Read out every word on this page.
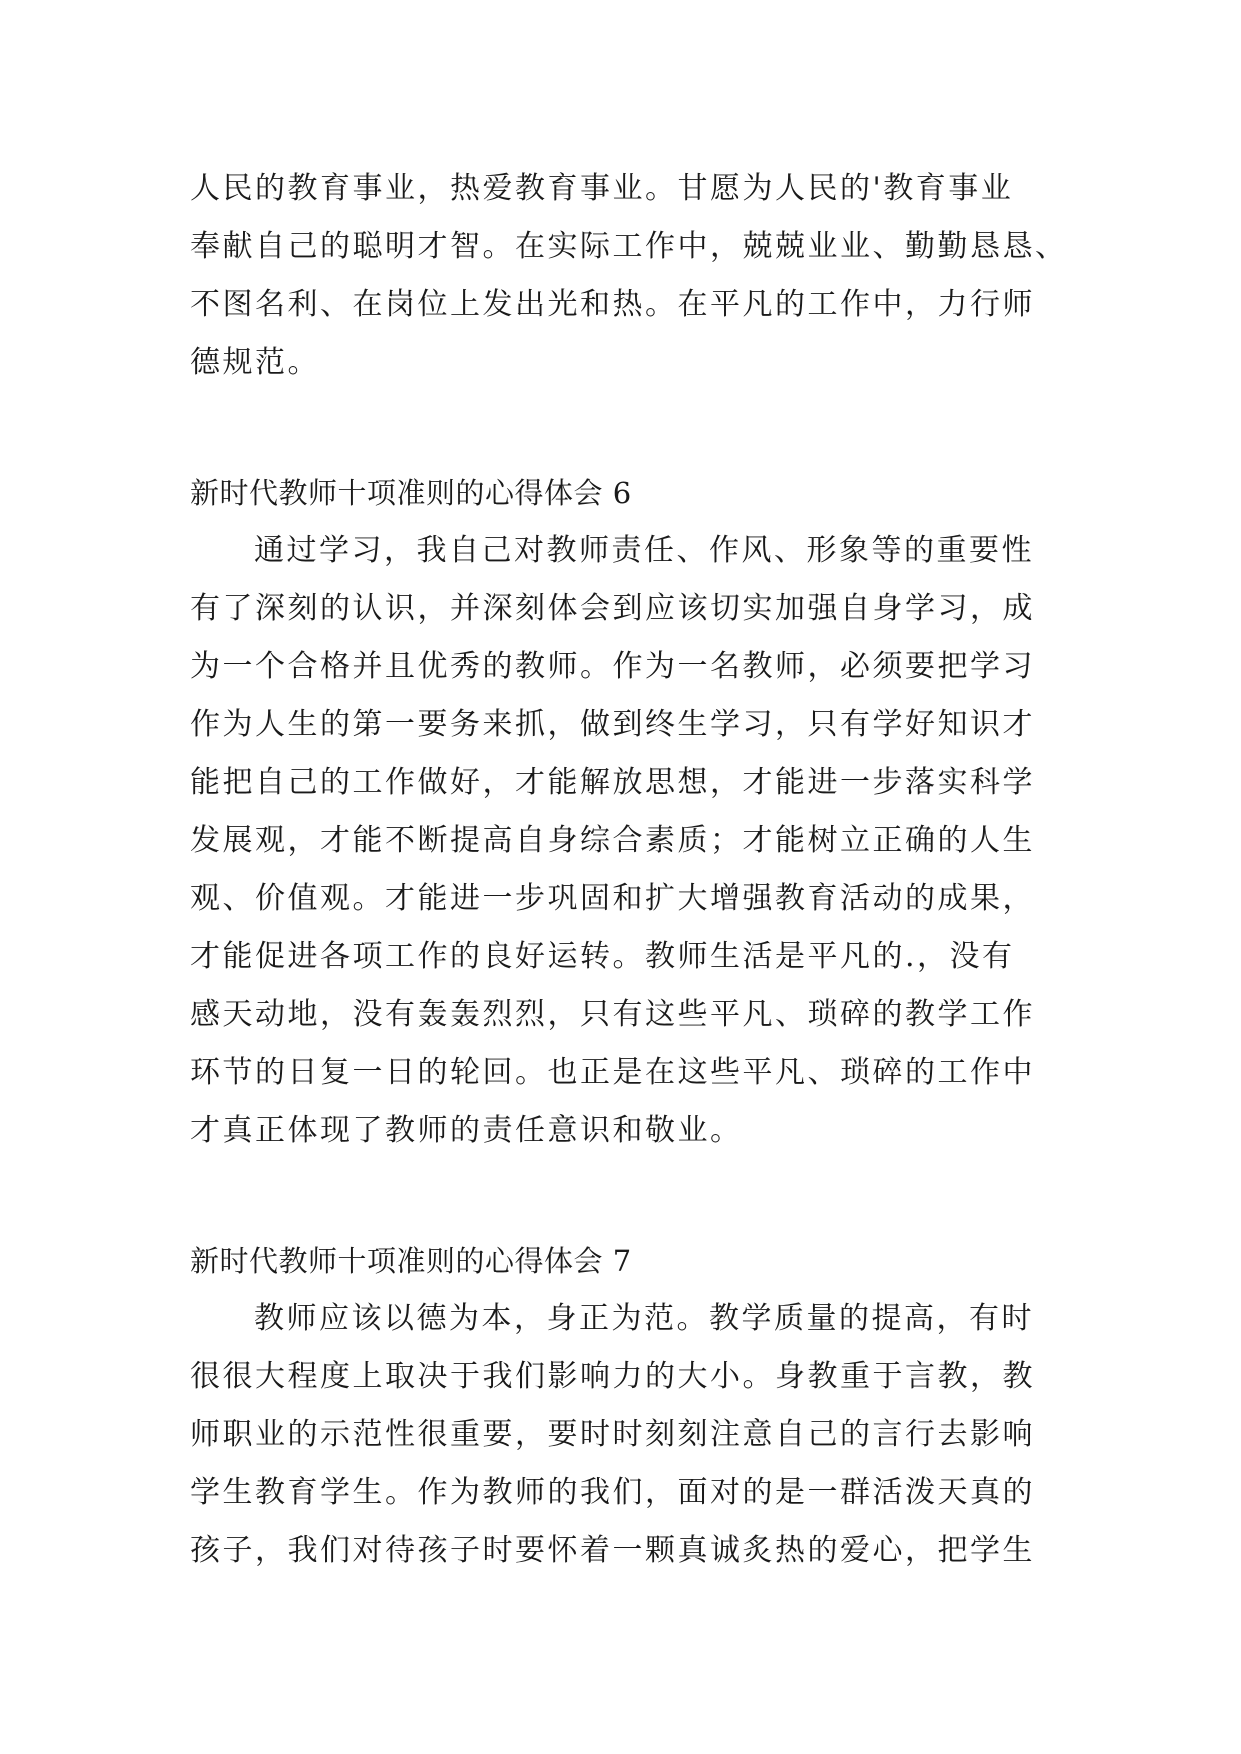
人民的教育事业，热爱教育事业。甘愿为人民的'教育事业
奉献自己的聪明才智。在实际工作中，兢兢业业、勤勤恳恳、
不图名利、在岗位上发出光和热。在平凡的工作中，力行师
德规范。
新时代教师十项准则的心得体会 6
通过学习，我自己对教师责任、作风、形象等的重要性
有了深刻的认识，并深刻体会到应该切实加强自身学习，成
为一个合格并且优秀的教师。作为一名教师，必须要把学习
作为人生的第一要务来抓，做到终生学习，只有学好知识才
能把自己的工作做好，才能解放思想，才能进一步落实科学
发展观，才能不断提高自身综合素质；才能树立正确的人生
观、价值观。才能进一步巩固和扩大增强教育活动的成果，
才能促进各项工作的良好运转。教师生活是平凡的.，没有
感天动地，没有轰轰烈烈，只有这些平凡、琐碎的教学工作
环节的日复一日的轮回。也正是在这些平凡、琐碎的工作中
才真正体现了教师的责任意识和敬业。
新时代教师十项准则的心得体会 7
教师应该以德为本，身正为范。教学质量的提高，有时
很很大程度上取决于我们影响力的大小。身教重于言教，教
师职业的示范性很重要，要时时刻刻注意自己的言行去影响
学生教育学生。作为教师的我们，面对的是一群活泼天真的
孩子，我们对待孩子时要怀着一颗真诚炙热的爱心，把学生
